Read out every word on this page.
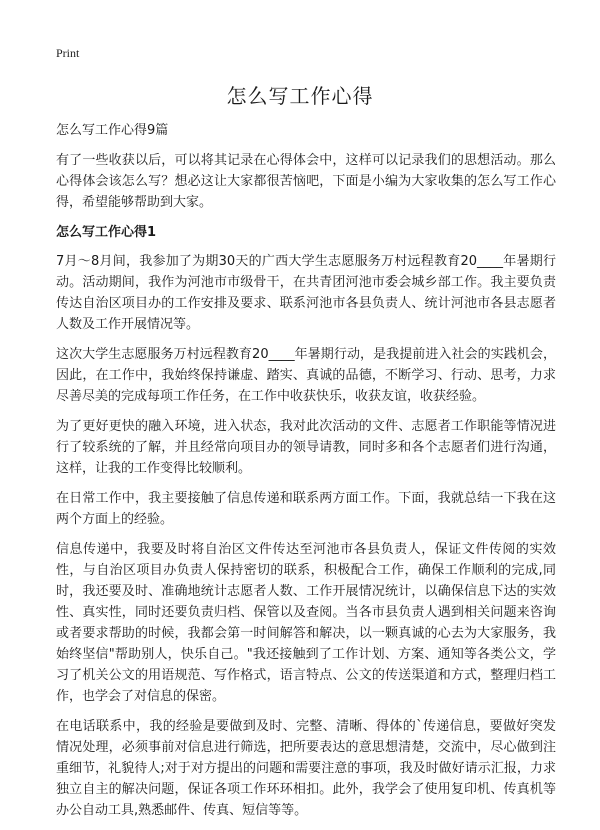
Print
怎么写工作心得

怎么写工作心得9篇

有了一些收获以后，可以将其记录在心得体会中，这样可以记录我们的思想活动。那么心得体会该怎么写？想必这让大家都很苦恼吧，下面是小编为大家收集的怎么写工作心得，希望能够帮助到大家。

怎么写工作心得1

7月～8月间，我参加了为期30天的广西大学生志愿服务万村远程教育20____年暑期行动。活动期间，我作为河池市市级骨干，在共青团河池市委会城乡部工作。我主要负责传达自治区项目办的工作安排及要求、联系河池市各县负责人、统计河池市各县志愿者人数及工作开展情况等。

这次大学生志愿服务万村远程教育20____年暑期行动，是我提前进入社会的实践机会，因此，在工作中，我始终保持谦虚、踏实、真诚的品德，不断学习、行动、思考，力求尽善尽美的完成每项工作任务，在工作中收获快乐，收获友谊，收获经验。

为了更好更快的融入环境，进入状态，我对此次活动的文件、志愿者工作职能等情况进行了较系统的了解，并且经常向项目办的领导请教，同时多和各个志愿者们进行沟通，这样，让我的工作变得比较顺利。

在日常工作中，我主要接触了信息传递和联系两方面工作。下面，我就总结一下我在这两个方面上的经验。

信息传递中，我要及时将自治区文件传达至河池市各县负责人，保证文件传阅的实效性，与自治区项目办负责人保持密切的联系，积极配合工作，确保工作顺利的完成,同时，我还要及时、准确地统计志愿者人数、工作开展情况统计，以确保信息下达的实效性、真实性，同时还要负责归档、保管以及查阅。当各市县负责人遇到相关问题来咨询或者要求帮助的时候，我都会第一时间解答和解决，以一颗真诚的心去为大家服务，我始终坚信"帮助别人，快乐自己。"我还接触到了工作计划、方案、通知等各类公文，学习了机关公文的用语规范、写作格式，语言特点、公文的传送渠道和方式，整理归档工作，也学会了对信息的保密。

在电话联系中，我的经验是要做到及时、完整、清晰、得体的`传递信息，要做好突发情况处理，必须事前对信息进行筛选，把所要表达的意思想清楚，交流中，尽心做到注重细节，礼貌待人;对于对方提出的问题和需要注意的事项，我及时做好请示汇报，力求独立自主的解决问题，保证各项工作环环相扣。此外，我学会了使用复印机、传真机等办公自动工具,熟悉邮件、传真、短信等等。
